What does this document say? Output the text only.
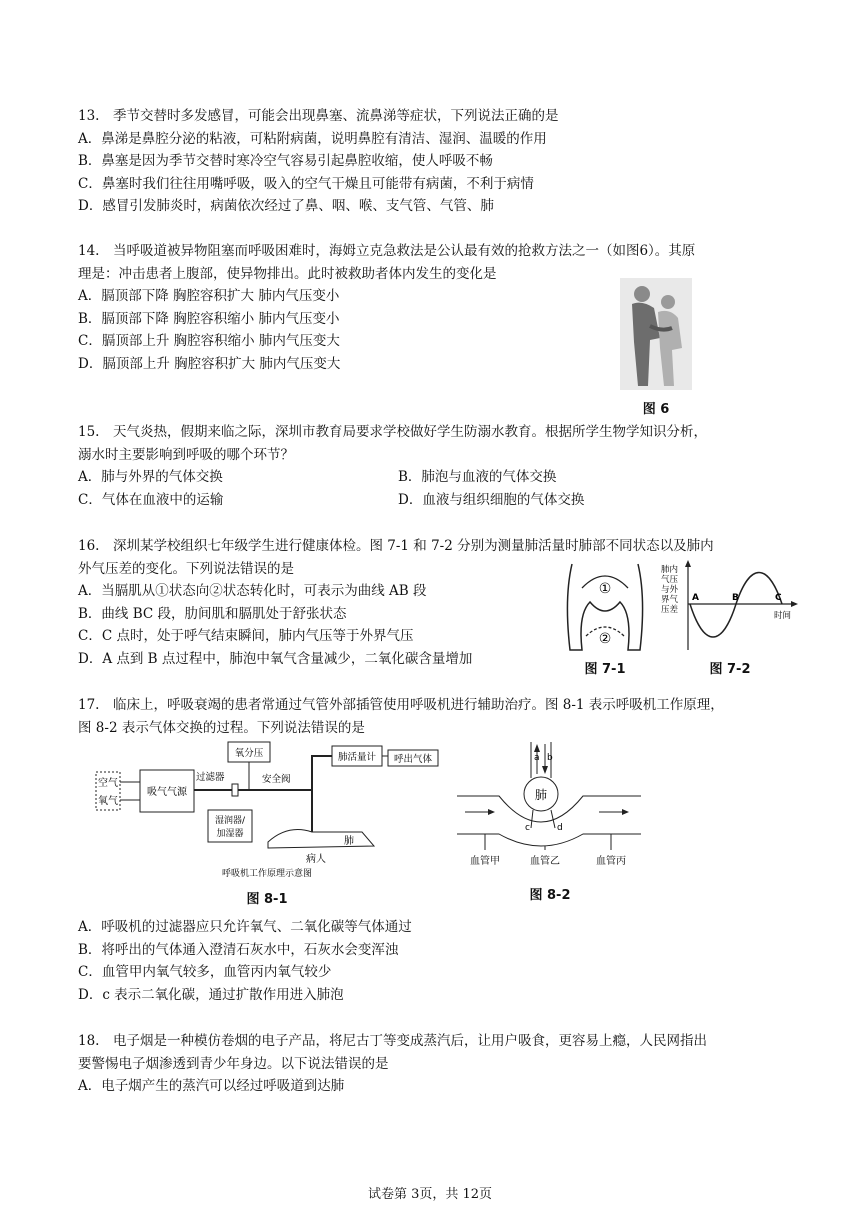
13.　季节交替时多发感冒，可能会出现鼻塞、流鼻涕等症状，下列说法正确的是
A．鼻涕是鼻腔分泌的粘液，可粘附病菌，说明鼻腔有清洁、湿润、温暖的作用
B．鼻塞是因为季节交替时寒冷空气容易引起鼻腔收缩，使人呼吸不畅
C．鼻塞时我们往往用嘴呼吸，吸入的空气干燥且可能带有病菌，不利于病情
D．感冒引发肺炎时，病菌依次经过了鼻、咽、喉、支气管、气管、肺
14.　当呼吸道被异物阻塞而呼吸困难时，海姆立克急救法是公认最有效的抢救方法之一（如图6）。其原
理是：冲击患者上腹部，使异物排出。此时被救助者体内发生的变化是
A．膈顶部下降 胸腔容积扩大 肺内气压变小
B．膈顶部下降 胸腔容积缩小 肺内气压变小
C．膈顶部上升 胸腔容积缩小 肺内气压变大
D．膈顶部上升 胸腔容积扩大 肺内气压变大
图 6
15.　天气炎热，假期来临之际，深圳市教育局要求学校做好学生防溺水教育。根据所学生物学知识分析，
溺水时主要影响到呼吸的哪个环节？
A．肺与外界的气体交换	B．肺泡与血液的气体交换
C．气体在血液中的运输	D．血液与组织细胞的气体交换
16.　深圳某学校组织七年级学生进行健康体检。图 7-1 和 7-2 分别为测量肺活量时肺部不同状态以及肺内
外气压差的变化。下列说法错误的是
A．当膈肌从①状态向②状态转化时，可表示为曲线 AB 段
B．曲线 BC 段，肋间肌和膈肌处于舒张状态
C．C 点时，处于呼气结束瞬间，肺内气压等于外界气压
D．A 点到 B 点过程中，肺泡中氧气含量减少，二氧化碳含量增加
①
②
图 7-1
肺内
气压
与外
界气
压差
A	B	C
时间
图 7-2
17.　临床上，呼吸衰竭的患者常通过气管外部插管使用呼吸机进行辅助治疗。图 8-1 表示呼吸机工作原理，
图 8-2 表示气体交换的过程。下列说法错误的是
空气
氧气
吸气气源
过滤器
氧分压
安全阀
湿润器/
加湿器
肺活量计 呼出气体
肺
病人
呼吸机工作原理示意图
图 8-1
a b
肺
c	d
血管甲	血管乙	血管丙
图 8-2
A．呼吸机的过滤器应只允许氧气、二氧化碳等气体通过
B．将呼出的气体通入澄清石灰水中，石灰水会变浑浊
C．血管甲内氧气较多，血管丙内氧气较少
D．c 表示二氧化碳，通过扩散作用进入肺泡
18.　电子烟是一种模仿卷烟的电子产品，将尼古丁等变成蒸汽后，让用户吸食，更容易上瘾，人民网指出
要警惕电子烟渗透到青少年身边。以下说法错误的是
A．电子烟产生的蒸汽可以经过呼吸道到达肺
试卷第 3页，共 12页
